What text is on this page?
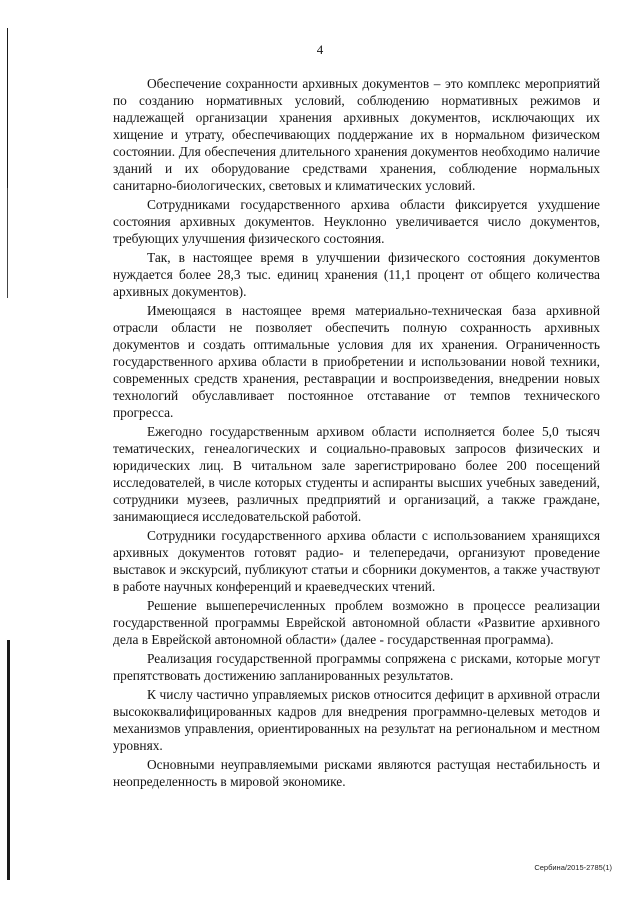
4

Обеспечение сохранности архивных документов – это комплекс мероприятий по созданию нормативных условий, соблюдению нормативных режимов и надлежащей организации хранения архивных документов, исключающих их хищение и утрату, обеспечивающих поддержание их в нормальном физическом состоянии. Для обеспечения длительного хранения документов необходимо наличие зданий и их оборудование средствами хранения, соблюдение нормальных санитарно-биологических, световых и климатических условий.

Сотрудниками государственного архива области фиксируется ухудшение состояния архивных документов. Неуклонно увеличивается число документов, требующих улучшения физического состояния.

Так, в настоящее время в улучшении физического состояния документов нуждается более 28,3 тыс. единиц хранения (11,1 процент от общего количества архивных документов).

Имеющаяся в настоящее время материально-техническая база архивной отрасли области не позволяет обеспечить полную сохранность архивных документов и создать оптимальные условия для их хранения. Ограниченность государственного архива области в приобретении и использовании новой техники, современных средств хранения, реставрации и воспроизведения, внедрении новых технологий обуславливает постоянное отставание от темпов технического прогресса.

Ежегодно государственным архивом области исполняется более 5,0 тысяч тематических, генеалогических и социально-правовых запросов физических и юридических лиц. В читальном зале зарегистрировано более 200 посещений исследователей, в числе которых студенты и аспиранты высших учебных заведений, сотрудники музеев, различных предприятий и организаций, а также граждане, занимающиеся исследовательской работой.

Сотрудники государственного архива области с использованием хранящихся архивных документов готовят радио- и телепередачи, организуют проведение выставок и экскурсий, публикуют статьи и сборники документов, а также участвуют в работе научных конференций и краеведческих чтений.

Решение вышеперечисленных проблем возможно в процессе реализации государственной программы Еврейской автономной области «Развитие архивного дела в Еврейской автономной области» (далее - государственная программа).

Реализация государственной программы сопряжена с рисками, которые могут препятствовать достижению запланированных результатов.

К числу частично управляемых рисков относится дефицит в архивной отрасли высококвалифицированных кадров для внедрения программно-целевых методов и механизмов управления, ориентированных на результат на региональном и местном уровнях.

Основными неуправляемыми рисками являются растущая нестабильность и неопределенность в мировой экономике.

Сербина/2015-2785(1)
